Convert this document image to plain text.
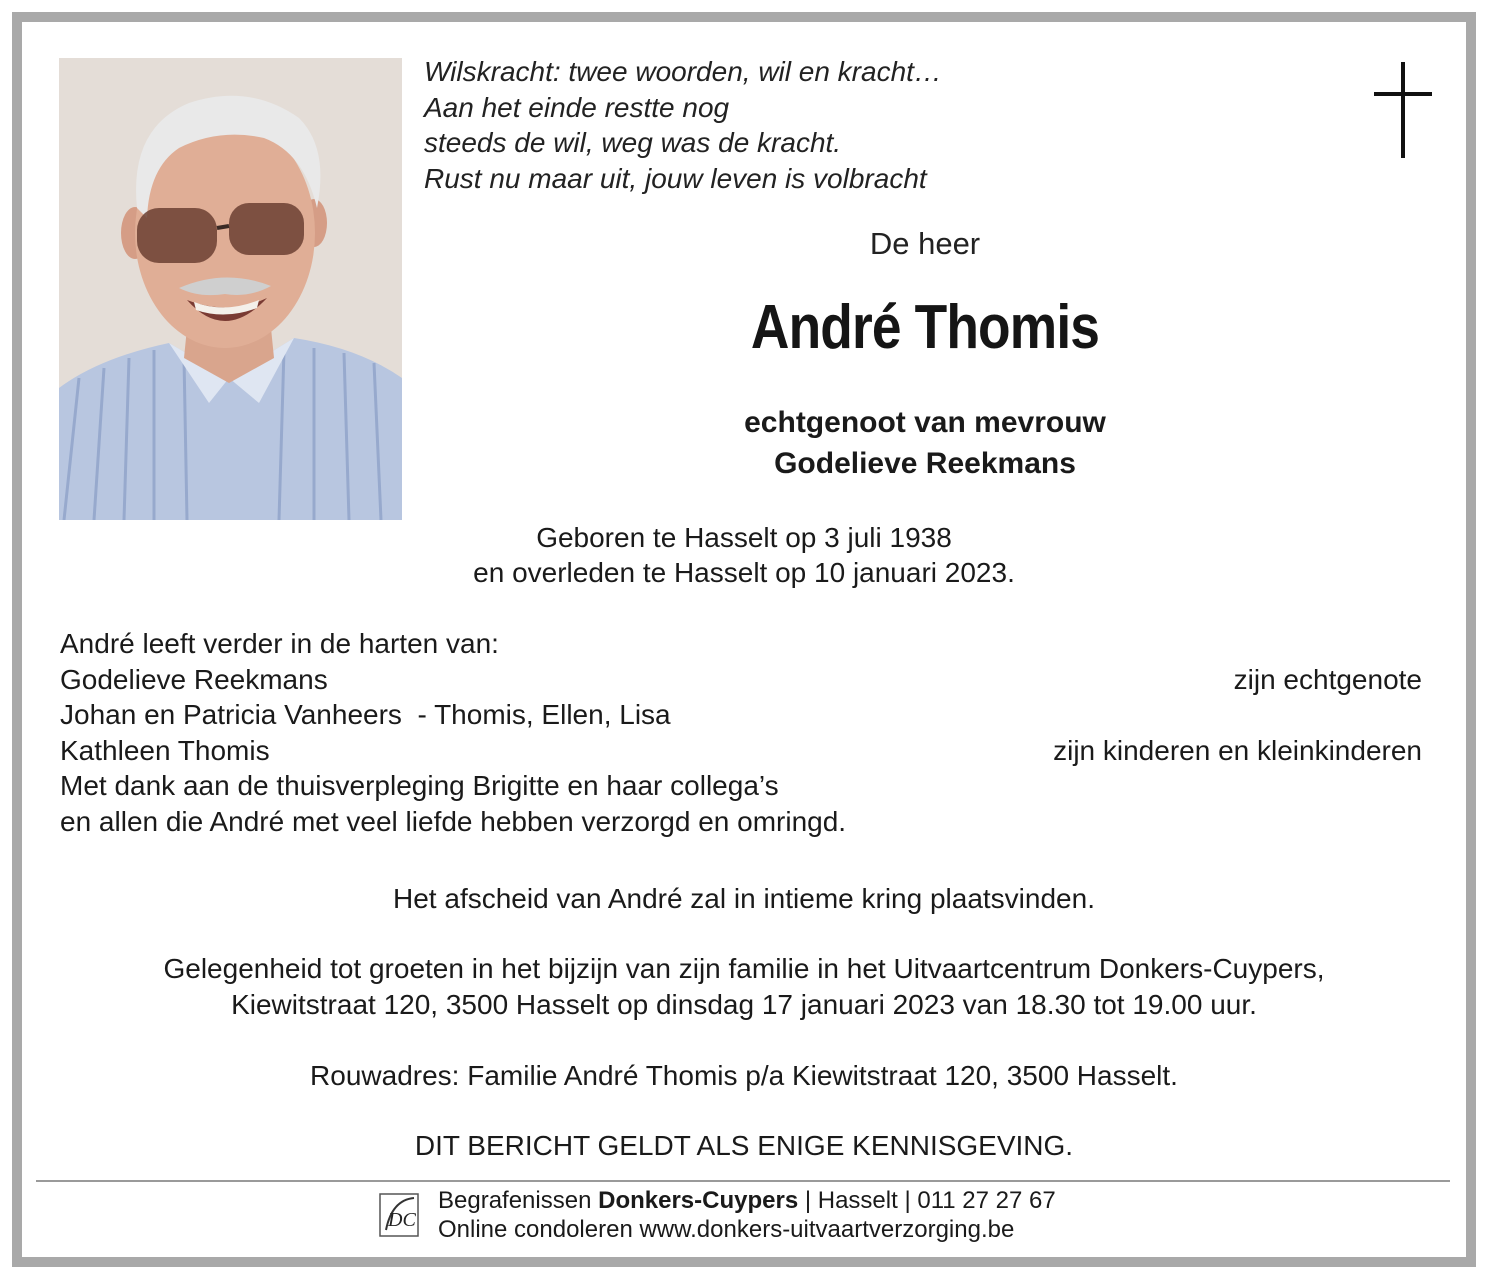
Wilskracht: twee woorden, wil en kracht…
Aan het einde restte nog
steeds de wil, weg was de kracht.
Rust nu maar uit, jouw leven is volbracht
De heer
André Thomis
echtgenoot van mevrouw
Godelieve Reekmans
Geboren te Hasselt op 3 juli 1938
en overleden te Hasselt op 10 januari 2023.
André leeft verder in de harten van:
Godelieve Reekmans	zijn echtgenote
Johan en Patricia Vanheers  - Thomis, Ellen, Lisa
Kathleen Thomis	zijn kinderen en kleinkinderen
Met dank aan de thuisverpleging Brigitte en haar collega’s
en allen die André met veel liefde hebben verzorgd en omringd.
Het afscheid van André zal in intieme kring plaatsvinden.
Gelegenheid tot groeten in het bijzijn van zijn familie in het Uitvaartcentrum Donkers-Cuypers,
Kiewitstraat 120, 3500 Hasselt op dinsdag 17 januari 2023 van 18.30 tot 19.00 uur.
Rouwadres: Familie André Thomis p/a Kiewitstraat 120, 3500 Hasselt.
DIT BERICHT GELDT ALS ENIGE KENNISGEVING.
DC
Begrafenissen Donkers-Cuypers | Hasselt | 011 27 27 67
Online condoleren www.donkers-uitvaartverzorging.be
